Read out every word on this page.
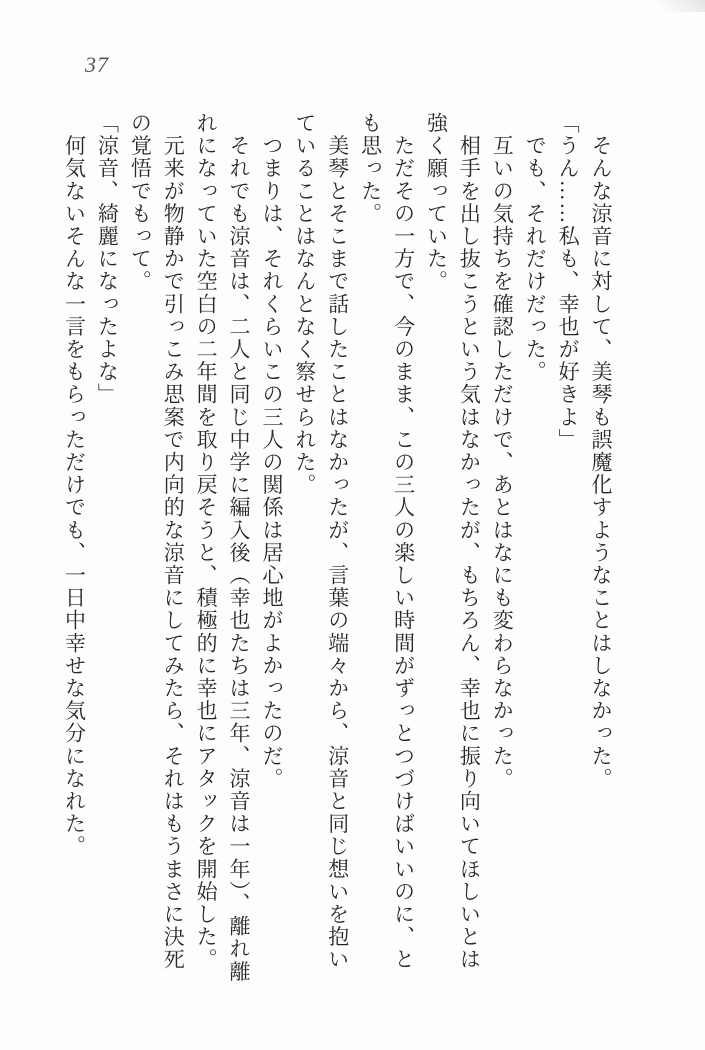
37
　そんな涼音に対して、美琴も誤魔化すようなことはしなかった。
「うん……私も、幸也が好きよ」
　でも、それだけだった。
　互いの気持ちを確認しただけで、あとはなにも変わらなかった。
　相手を出し抜こうという気はなかったが、もちろん、幸也に振り向いてほしいとは
強く願っていた。
　ただその一方で、今のまま、この三人の楽しい時間がずっとつづけばいいのに、と
も思った。
　美琴とそこまで話したことはなかったが、言葉の端々から、涼音と同じ想いを抱い
ていることはなんとなく察せられた。
　つまりは、それくらいこの三人の関係は居心地がよかったのだ。
　それでも涼音は、二人と同じ中学に編入後（幸也たちは三年、涼音は一年）、離れ離
れになっていた空白の二年間を取り戻そうと、積極的に幸也にアタックを開始した。
　元来が物静かで引っこみ思案で内向的な涼音にしてみたら、それはもうまさに決死
の覚悟でもって。
「涼音、綺麗になったよな」
　何気ないそんな一言をもらっただけでも、一日中幸せな気分になれた。
